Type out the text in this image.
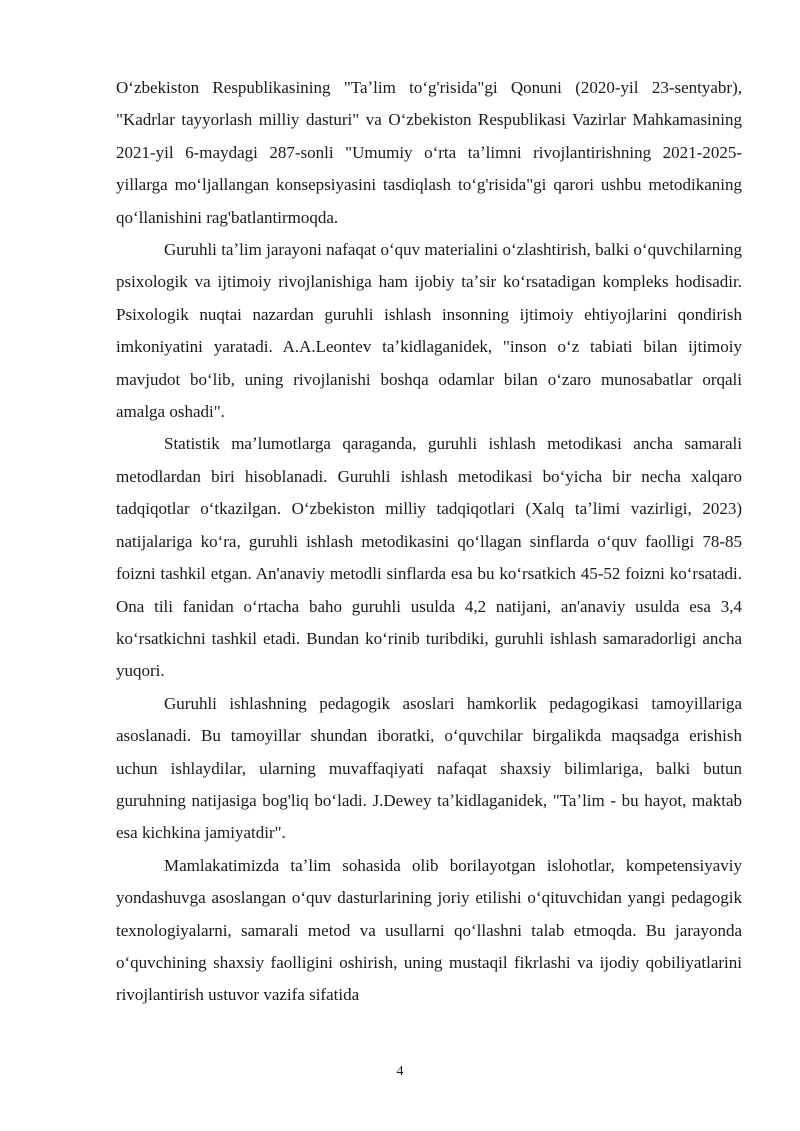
Oʻzbekiston Respublikasining "Taʼlim toʻg'risida"gi Qonuni (2020-yil 23-sentyabr), "Kadrlar tayyorlash milliy dasturi" va Oʻzbekiston Respublikasi Vazirlar Mahkamasining 2021-yil 6-maydagi 287-sonli "Umumiy oʻrta taʼlimni rivojlantirishning 2021-2025-yillarga moʻljallangan konsepsiyasini tasdiqlash toʻg'risida"gi qarori ushbu metodikaning qoʻllanishini rag'batlantirmoqda.

Guruhli taʼlim jarayoni nafaqat oʻquv materialini oʻzlashtirish, balki oʻquvchilarning psixologik va ijtimoiy rivojlanishiga ham ijobiy taʼsir koʻrsatadigan kompleks hodisadir. Psixologik nuqtai nazardan guruhli ishlash insonning ijtimoiy ehtiyojlarini qondirish imkoniyatini yaratadi. A.A.Leontev taʼkidlaganidek, "inson oʻz tabiati bilan ijtimoiy mavjudot boʻlib, uning rivojlanishi boshqa odamlar bilan oʻzaro munosabatlar orqali amalga oshadi".

Statistik maʼlumotlarga qaraganda, guruhli ishlash metodikasi ancha samarali metodlardan biri hisoblanadi. Guruhli ishlash metodikasi boʻyicha bir necha xalqaro tadqiqotlar oʻtkazilgan. Oʻzbekiston milliy tadqiqotlari (Xalq taʼlimi vazirligi, 2023) natijalariga koʻra, guruhli ishlash metodikasini qoʻllagan sinflarda oʻquv faolligi 78-85 foizni tashkil etgan. An'anaviy metodli sinflarda esa bu koʻrsatkich 45-52 foizni koʻrsatadi. Ona tili fanidan oʻrtacha baho guruhli usulda 4,2 natijani, an'anaviy usulda esa 3,4 koʻrsatkichni tashkil etadi. Bundan koʻrinib turibdiki, guruhli ishlash samaradorligi ancha yuqori.

Guruhli ishlashning pedagogik asoslari hamkorlik pedagogikasi tamoyillariga asoslanadi. Bu tamoyillar shundan iboratki, oʻquvchilar birgalikda maqsadga erishish uchun ishlaydilar, ularning muvaffaqiyati nafaqat shaxsiy bilimlariga, balki butun guruhning natijasiga bog'liq boʻladi. J.Dewey taʼkidlaganidek, "Taʼlim - bu hayot, maktab esa kichkina jamiyatdir".

Mamlakatimizda taʼlim sohasida olib borilayotgan islohotlar, kompetensiyaviy yondashuvga asoslangan oʻquv dasturlarining joriy etilishi oʻqituvchidan yangi pedagogik texnologiyalarni, samarali metod va usullarni qoʻllashni talab etmoqda. Bu jarayonda oʻquvchining shaxsiy faolligini oshirish, uning mustaqil fikrlashi va ijodiy qobiliyatlarini rivojlantirish ustuvor vazifa sifatida

4
